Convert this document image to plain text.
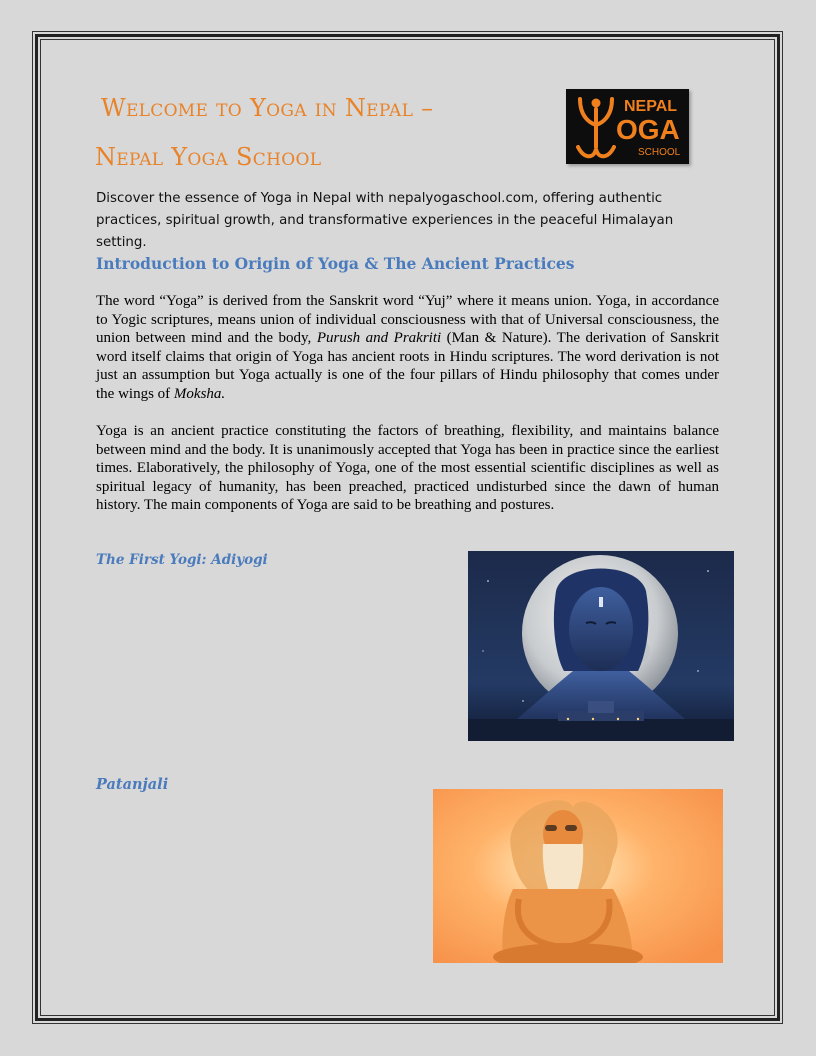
Welcome to Yoga in Nepal –
Nepal Yoga School
NEPAL
OGA
SCHOOL

Discover the essence of Yoga in Nepal with nepalyogaschool.com, offering authentic practices, spiritual growth, and transformative experiences in the peaceful Himalayan setting.

Introduction to Origin of Yoga & The Ancient Practices

The word “Yoga” is derived from the Sanskrit word “Yuj” where it means union. Yoga, in accordance to Yogic scriptures, means union of individual consciousness with that of Universal consciousness, the union between mind and the body, Purush and Prakriti (Man & Nature). The derivation of Sanskrit word itself claims that origin of Yoga has ancient roots in Hindu scriptures. The word derivation is not just an assumption but Yoga actually is one of the four pillars of Hindu philosophy that comes under the wings of Moksha.

Yoga is an ancient practice constituting the factors of breathing, flexibility, and maintains balance between mind and the body. It is unanimously accepted that Yoga has been in practice since the earliest times. Elaboratively, the philosophy of Yoga, one of the most essential scientific disciplines as well as spiritual legacy of humanity, has been preached, practiced undisturbed since the dawn of human history. The main components of Yoga are said to be breathing and postures.

The First Yogi: Adiyogi
Patanjali
